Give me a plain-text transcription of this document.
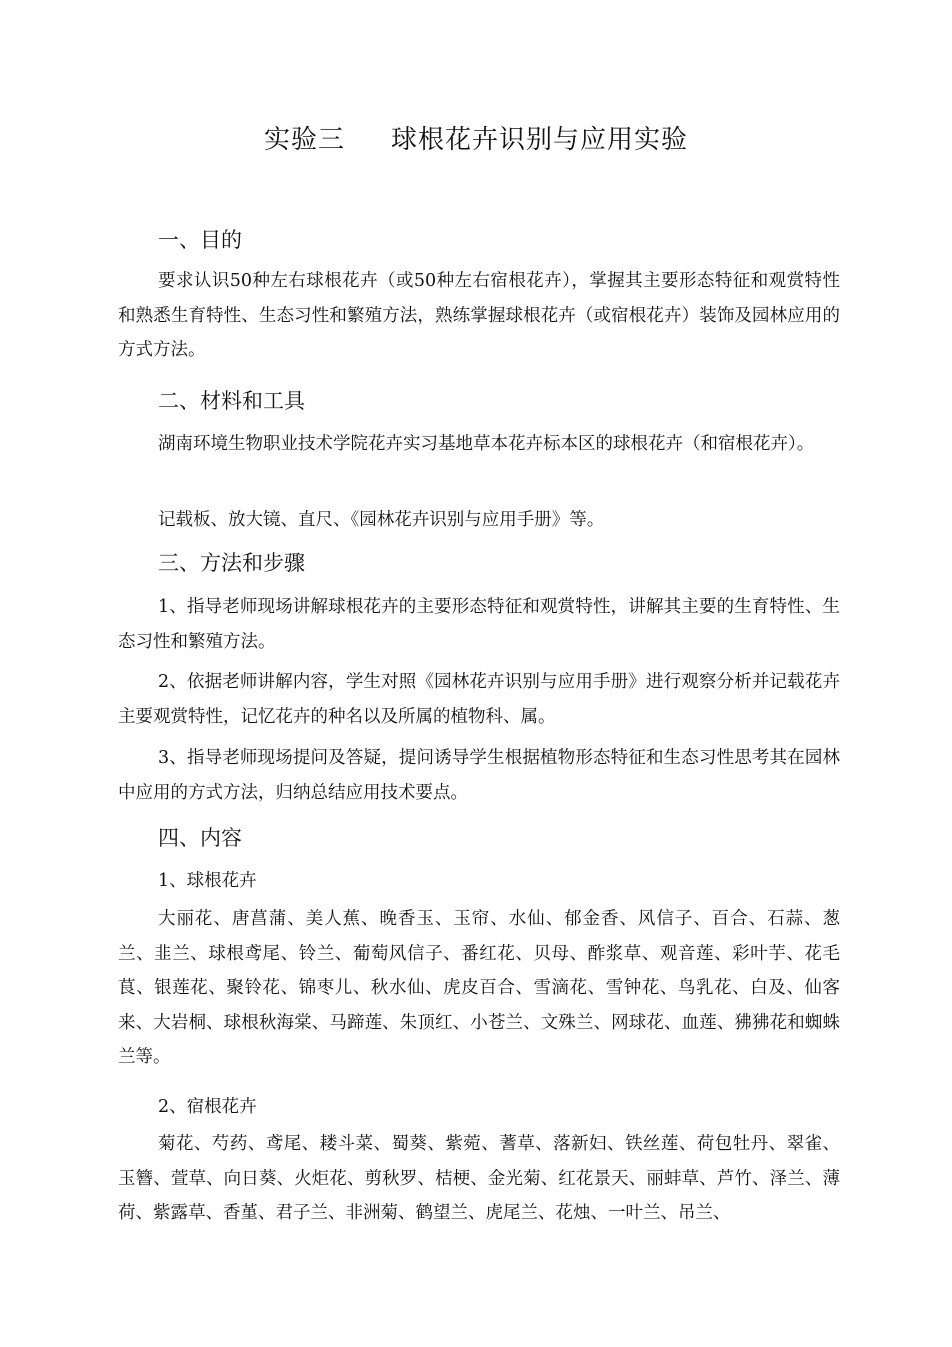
实验三 球根花卉识别与应用实验
一、目的

要求认识50种左右球根花卉（或50种左右宿根花卉），掌握其主要形态特征和观赏特性和熟悉生育特性、生态习性和繁殖方法，熟练掌握球根花卉（或宿根花卉）装饰及园林应用的方式方法。

二、材料和工具

湖南环境生物职业技术学院花卉实习基地草本花卉标本区的球根花卉（和宿根花卉）。

记载板、放大镜、直尺、《园林花卉识别与应用手册》等。

三、方法和步骤

1、指导老师现场讲解球根花卉的主要形态特征和观赏特性，讲解其主要的生育特性、生态习性和繁殖方法。

2、依据老师讲解内容，学生对照《园林花卉识别与应用手册》进行观察分析并记载花卉主要观赏特性，记忆花卉的种名以及所属的植物科、属。

3、指导老师现场提问及答疑，提问诱导学生根据植物形态特征和生态习性思考其在园林中应用的方式方法，归纳总结应用技术要点。

四、内容
1、球根花卉

大丽花、唐菖蒲、美人蕉、晚香玉、玉帘、水仙、郁金香、风信子、百合、石蒜、葱兰、韭兰、球根鸢尾、铃兰、葡萄风信子、番红花、贝母、酢浆草、观音莲、彩叶芋、花毛茛、银莲花、聚铃花、锦枣儿、秋水仙、虎皮百合、雪滴花、雪钟花、鸟乳花、白及、仙客来、大岩桐、球根秋海棠、马蹄莲、朱顶红、小苍兰、文殊兰、网球花、血莲、狒狒花和蜘蛛兰等。

2、宿根花卉

菊花、芍药、鸢尾、耧斗菜、蜀葵、紫菀、蓍草、落新妇、铁丝莲、荷包牡丹、翠雀、玉簪、萱草、向日葵、火炬花、剪秋罗、桔梗、金光菊、红花景天、丽蚌草、芦竹、泽兰、薄荷、紫露草、香堇、君子兰、非洲菊、鹤望兰、虎尾兰、花烛、一叶兰、吊兰、
